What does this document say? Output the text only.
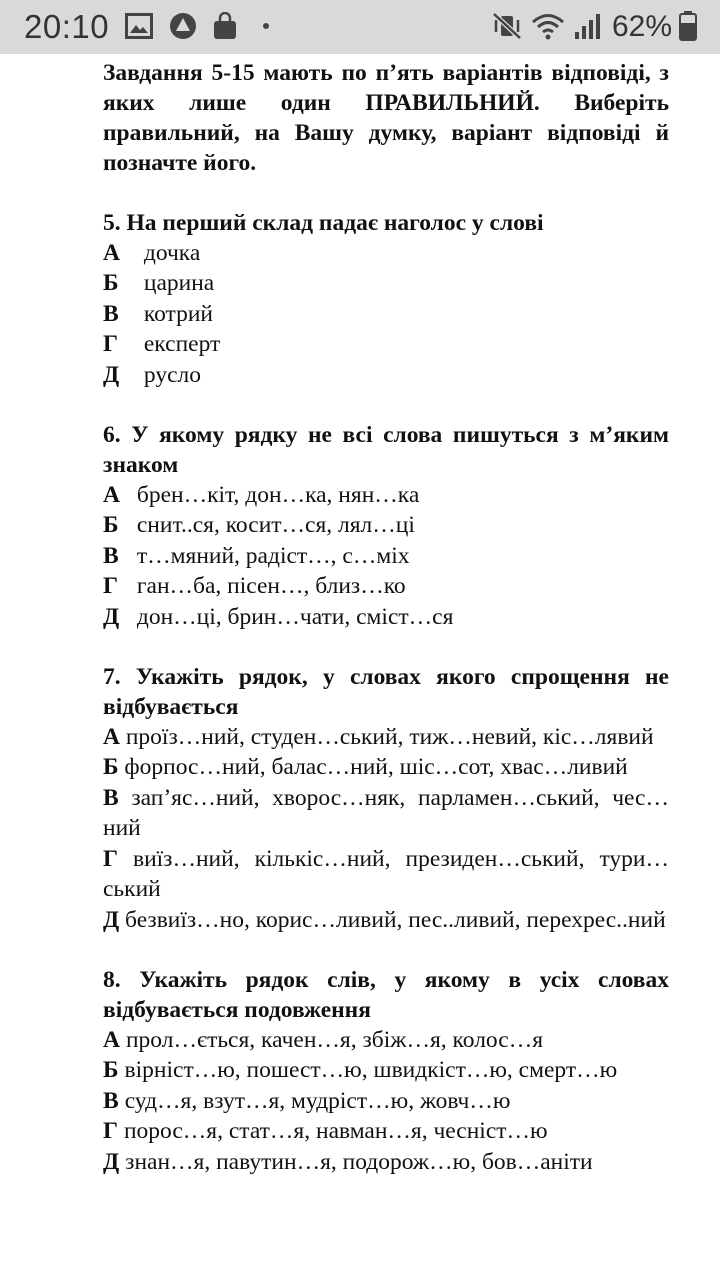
20:10	62%

Завдання 5-15 мають по п’ять варіантів відповіді, з яких лише один ПРАВИЛЬНИЙ. Виберіть правильний, на Вашу думку, варіант відповіді й позначте його.

5. На перший склад падає наголос у слові

А дочка

Б царина

В котрий

Г експерт

Д русло

6. У якому рядку не всі слова пишуться з м’яким знаком

А брен…кіт, дон…ка, нян…ка

Б снит..ся, косит…ся, лял…ці

В т…мяний, радіст…, с…міх

Г ган…ба, пісен…, близ…ко

Д дон…ці, брин…чати, сміст…ся

7. Укажіть рядок, у словах якого спрощення не відбувається

А проїз…ний, студен…ський, тиж…невий, кіс…лявий

Б форпос…ний, балас…ний, шіс…сот, хвас…ливий

В зап’яс…ний, хворос…няк, парламен…ський, чес…ний

Г виїз…ний, кількіс…ний, президен…ський, тури…ський

Д безвиїз…но, корис…ливий, пес..ливий, перехрес..ний

8. Укажіть рядок слів, у якому в усіх словах відбувається подовження

А прол…ється, качен…я, збіж…я, колос…я

Б вірніст…ю, пошест…ю, швидкіст…ю, смерт…ю

В суд…я, взут…я, мудріст…ю, жовч…ю

Г порос…я, стат…я, навман…я, чесніст…ю

Д знан…я, павутин…я, подорож…ю, бов…аніти
